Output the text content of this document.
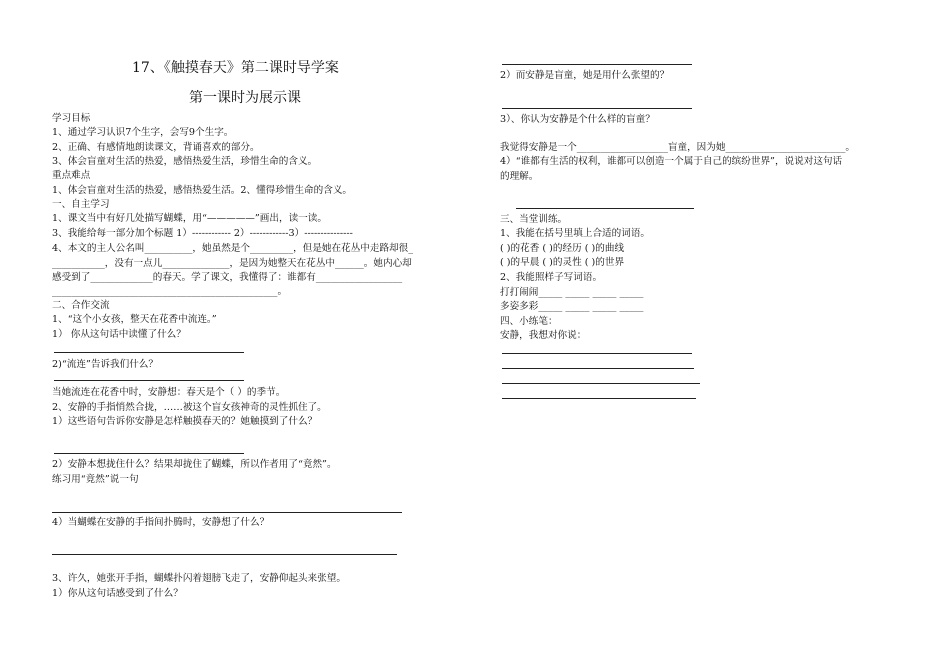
17、《触摸春天》第二课时导学案
第一课时为展示课
学习目标
1、通过学习认识7个生字，会写9个生字。
2、正确、有感情地朗读课文，背诵喜欢的部分。
3、体会盲童对生活的热爱，感悟热爱生活，珍惜生命的含义。
重点难点
1、体会盲童对生活的热爱，感悟热爱生活。2、懂得珍惜生命的含义。
一、自主学习
1、课文当中有好几处描写蝴蝶，用“—————”画出，读一读。
3、我能给每一部分加个标题 1）------------ 2）------------3）---------------
4、本文的主人公名叫__________，她虽然是个_________，但是她在花丛中走路却很_
___________，没有一点儿______________，是因为她整天在花丛中______。她内心却
感受到了_____________的春天。学了课文，我懂得了：谁都有__________________
_______________________________________________。
二、合作交流
1、“这个小女孩，整天在花香中流连。”
1） 你从这句话中读懂了什么？
2)“流连”告诉我们什么？
当她流连在花香中时，安静想：春天是个（ ）的季节。
2、安静的手指悄然合拢，……被这个盲女孩神奇的灵性抓住了。
1）这些语句告诉你安静是怎样触摸春天的？她触摸到了什么？
2）安静本想拢住什么？结果却拢住了蝴蝶，所以作者用了“竟然”。
练习用“竟然”说一句
4）当蝴蝶在安静的手指间扑腾时，安静想了什么？
3、许久，她张开手指，蝴蝶扑闪着翅膀飞走了，安静仰起头来张望。
1）你从这句话感受到了什么？
2）而安静是盲童，她是用什么张望的？
3）、你认为安静是个什么样的盲童？
我觉得安静是一个___________________盲童，因为她_________________________。
4）“谁都有生活的权利，谁都可以创造一个属于自己的缤纷世界”，说说对这句话
的理解。
三、当堂训练。
1、我能在括号里填上合适的词语。
( )的花香 ( )的经历 ( )的曲线
( )的早晨 ( )的灵性 ( )的世界
2、我能照样子写词语。
打打闹闹_____ _____ _____ _____
多姿多彩_____ _____ _____ _____
四、小练笔：
安静，我想对你说：
